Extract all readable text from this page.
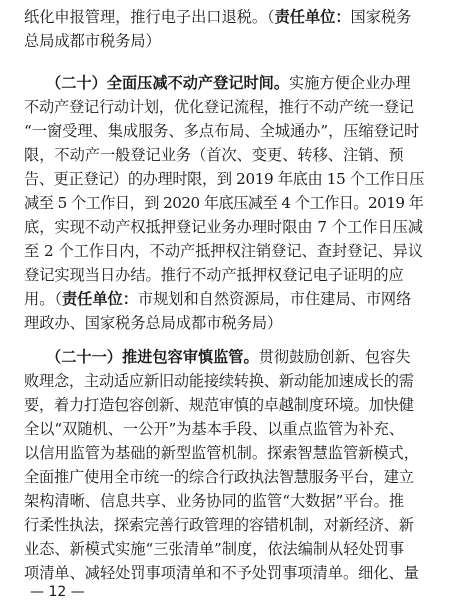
纸化申报管理，推行电子出口退税。（责任单位：国家税务
总局成都市税务局）
（二十）全面压减不动产登记时间。实施方便企业办理
不动产登记行动计划，优化登记流程，推行不动产统一登记
“一窗受理、集成服务、多点布局、全城通办”，压缩登记时
限，不动产一般登记业务（首次、变更、转移、注销、预
告、更正登记）的办理时限，到 2019 年底由 15 个工作日压
减至 5 个工作日，到 2020 年底压减至 4 个工作日。2019 年
底，实现不动产权抵押登记业务办理时限由 7 个工作日压减
至 2 个工作日内，不动产抵押权注销登记、查封登记、异议
登记实现当日办结。推行不动产抵押权登记电子证明的应
用。（责任单位：市规划和自然资源局，市住建局、市网络
理政办、国家税务总局成都市税务局）
（二十一）推进包容审慎监管。贯彻鼓励创新、包容失
败理念，主动适应新旧动能接续转换、新动能加速成长的需
要，着力打造包容创新、规范审慎的卓越制度环境。加快健
全以“双随机、一公开”为基本手段、以重点监管为补充、
以信用监管为基础的新型监管机制。探索智慧监管新模式，
全面推广使用全市统一的综合行政执法智慧服务平台，建立
架构清晰、信息共享、业务协同的监管“大数据”平台。推
行柔性执法，探索完善行政管理的容错机制，对新经济、新
业态、新模式实施“三张清单”制度，依法编制从轻处罚事
项清单、减轻处罚事项清单和不予处罚事项清单。细化、量
— 12 —
